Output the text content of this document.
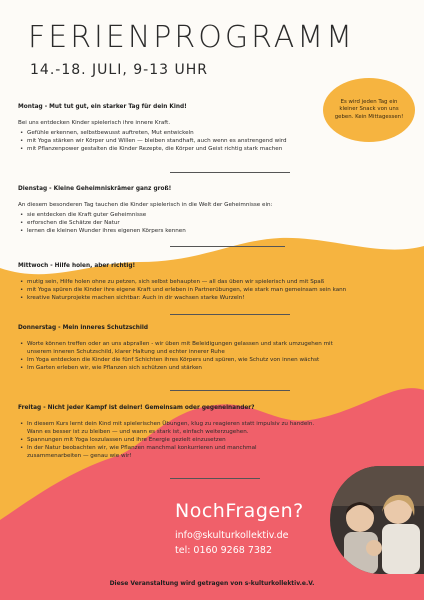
FERIENPROGRAMM
14.-18. JULI, 9-13 UHR
Es wird jeden Tag ein kleiner Snack von uns geben. Kein Mittagessen!
Montag - Mut tut gut, ein starker Tag für dein Kind!

Bei uns entdecken Kinder spielerisch ihre innere Kraft.

• Gefühle erkennen, selbstbewusst auftreten, Mut entwickeln
• mit Yoga stärken wir Körper und Willen — bleiben standhaft, auch wenn es anstrengend wird
• mit Pflanzenpower gestalten die Kinder Rezepte, die Körper und Geist richtig stark machen
Dienstag - Kleine Geheimniskrämer ganz groß!

An diesem besonderen Tag tauchen die Kinder spielerisch in die Welt der Geheimnisse ein:

• sie entdecken die Kraft guter Geheimnisse
• erforschen die Schätze der Natur
• lernen die kleinen Wunder ihres eigenen Körpers kennen
Mittwoch - Hilfe holen, aber richtig!
• mutig sein, Hilfe holen ohne zu petzen, sich selbst behaupten — all das üben wir spielerisch und mit Spaß
• mit Yoga spüren die Kinder ihre eigene Kraft und erleben in Partnerübungen, wie stark man gemeinsam sein kann
• kreative Naturprojekte machen sichtbar: Auch in dir wachsen starke Wurzeln!
Donnerstag - Mein inneres Schutzschild
• Worte können treffen oder an uns abprallen - wir üben mit Beleidigungen gelassen und stark umzugehen mit
unserem inneren Schutzschild, klarer Haltung und echter innerer Ruhe
• Im Yoga entdecken die Kinder die fünf Schichten ihres Körpers und spüren, wie Schutz von innen wächst
• Im Garten erleben wir, wie Pflanzen sich schützen und stärken
Freitag - Nicht jeder Kampf ist deiner! Gemeinsam oder gegeneinander?
• In diesem Kurs lernt dein Kind mit spielerischen Übungen, klug zu reagieren statt impulsiv zu handeln.
Wann es besser ist zu bleiben — und wann es stark ist, einfach weiterzugehen.
• Spannungen mit Yoga loszulassen und ihre Energie gezielt einzusetzen
• In der Natur beobachten wir, wie Pflanzen manchmal konkurrieren und manchmal
zusammenarbeiten — genau wie wir!
NochFragen?
info@skulturkollektiv.de
tel: 0160 9268 7382
Diese Veranstaltung wird getragen von s-kulturkollektiv.e.V.
